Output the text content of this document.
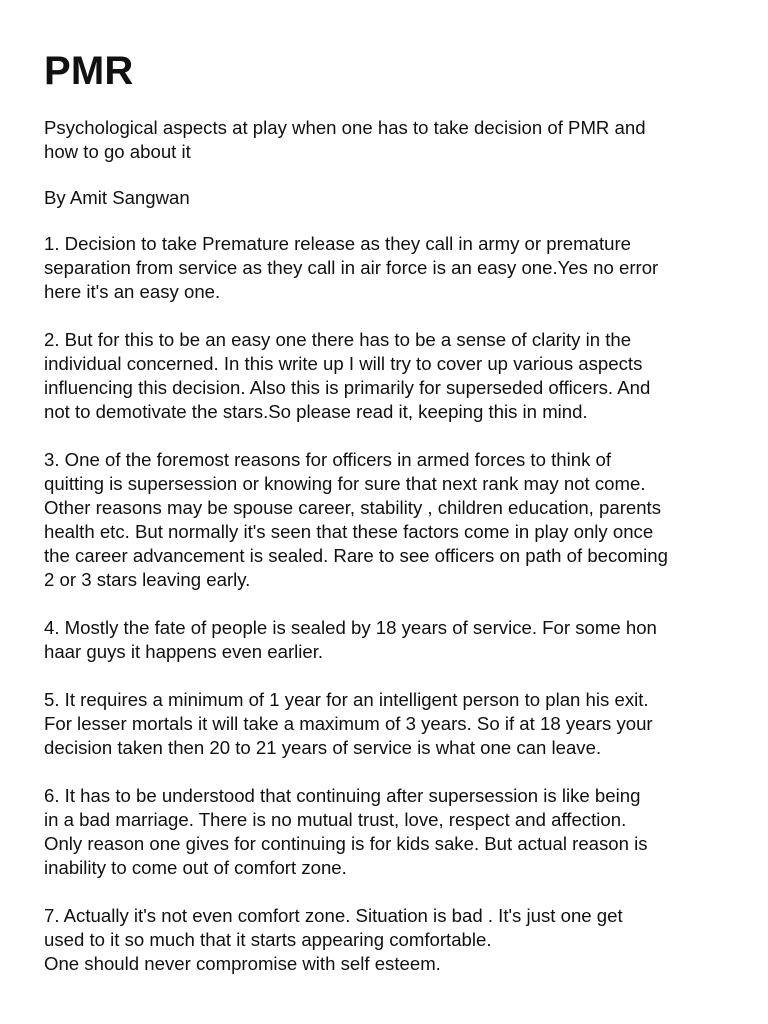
PMR

Psychological aspects at play when one has to take decision of PMR and
how to go about it

By Amit Sangwan

1. Decision to take Premature release as they call in army or premature
separation from service as they call in air force is an easy one.Yes no error
here it's an easy one.

2. But for this to be an easy one there has to be a sense of clarity in the
individual concerned. In this write up I will try to cover up various aspects
influencing this decision. Also this is primarily for superseded officers. And
not to demotivate the stars.So please read it, keeping this in mind.

3. One of the foremost reasons for officers in armed forces to think of
quitting is supersession or knowing for sure that next rank may not come.
Other reasons may be spouse career, stability , children education, parents
health etc. But normally it's seen that these factors come in play only once
the career advancement is sealed. Rare to see officers on path of becoming
2 or 3 stars leaving early.

4. Mostly the fate of people is sealed by 18 years of service. For some hon
haar guys it happens even earlier.

5. It requires a minimum of 1 year for an intelligent person to plan his exit.
For lesser mortals it will take a maximum of 3 years. So if at 18 years your
decision taken then 20 to 21 years of service is what one can leave.

6. It has to be understood that continuing after supersession is like being
in a bad marriage. There is no mutual trust, love, respect and affection.
Only reason one gives for continuing is for kids sake. But actual reason is
inability to come out of comfort zone.

7. Actually it's not even comfort zone. Situation is bad . It's just one get
used to it so much that it starts appearing comfortable.
One should never compromise with self esteem.
